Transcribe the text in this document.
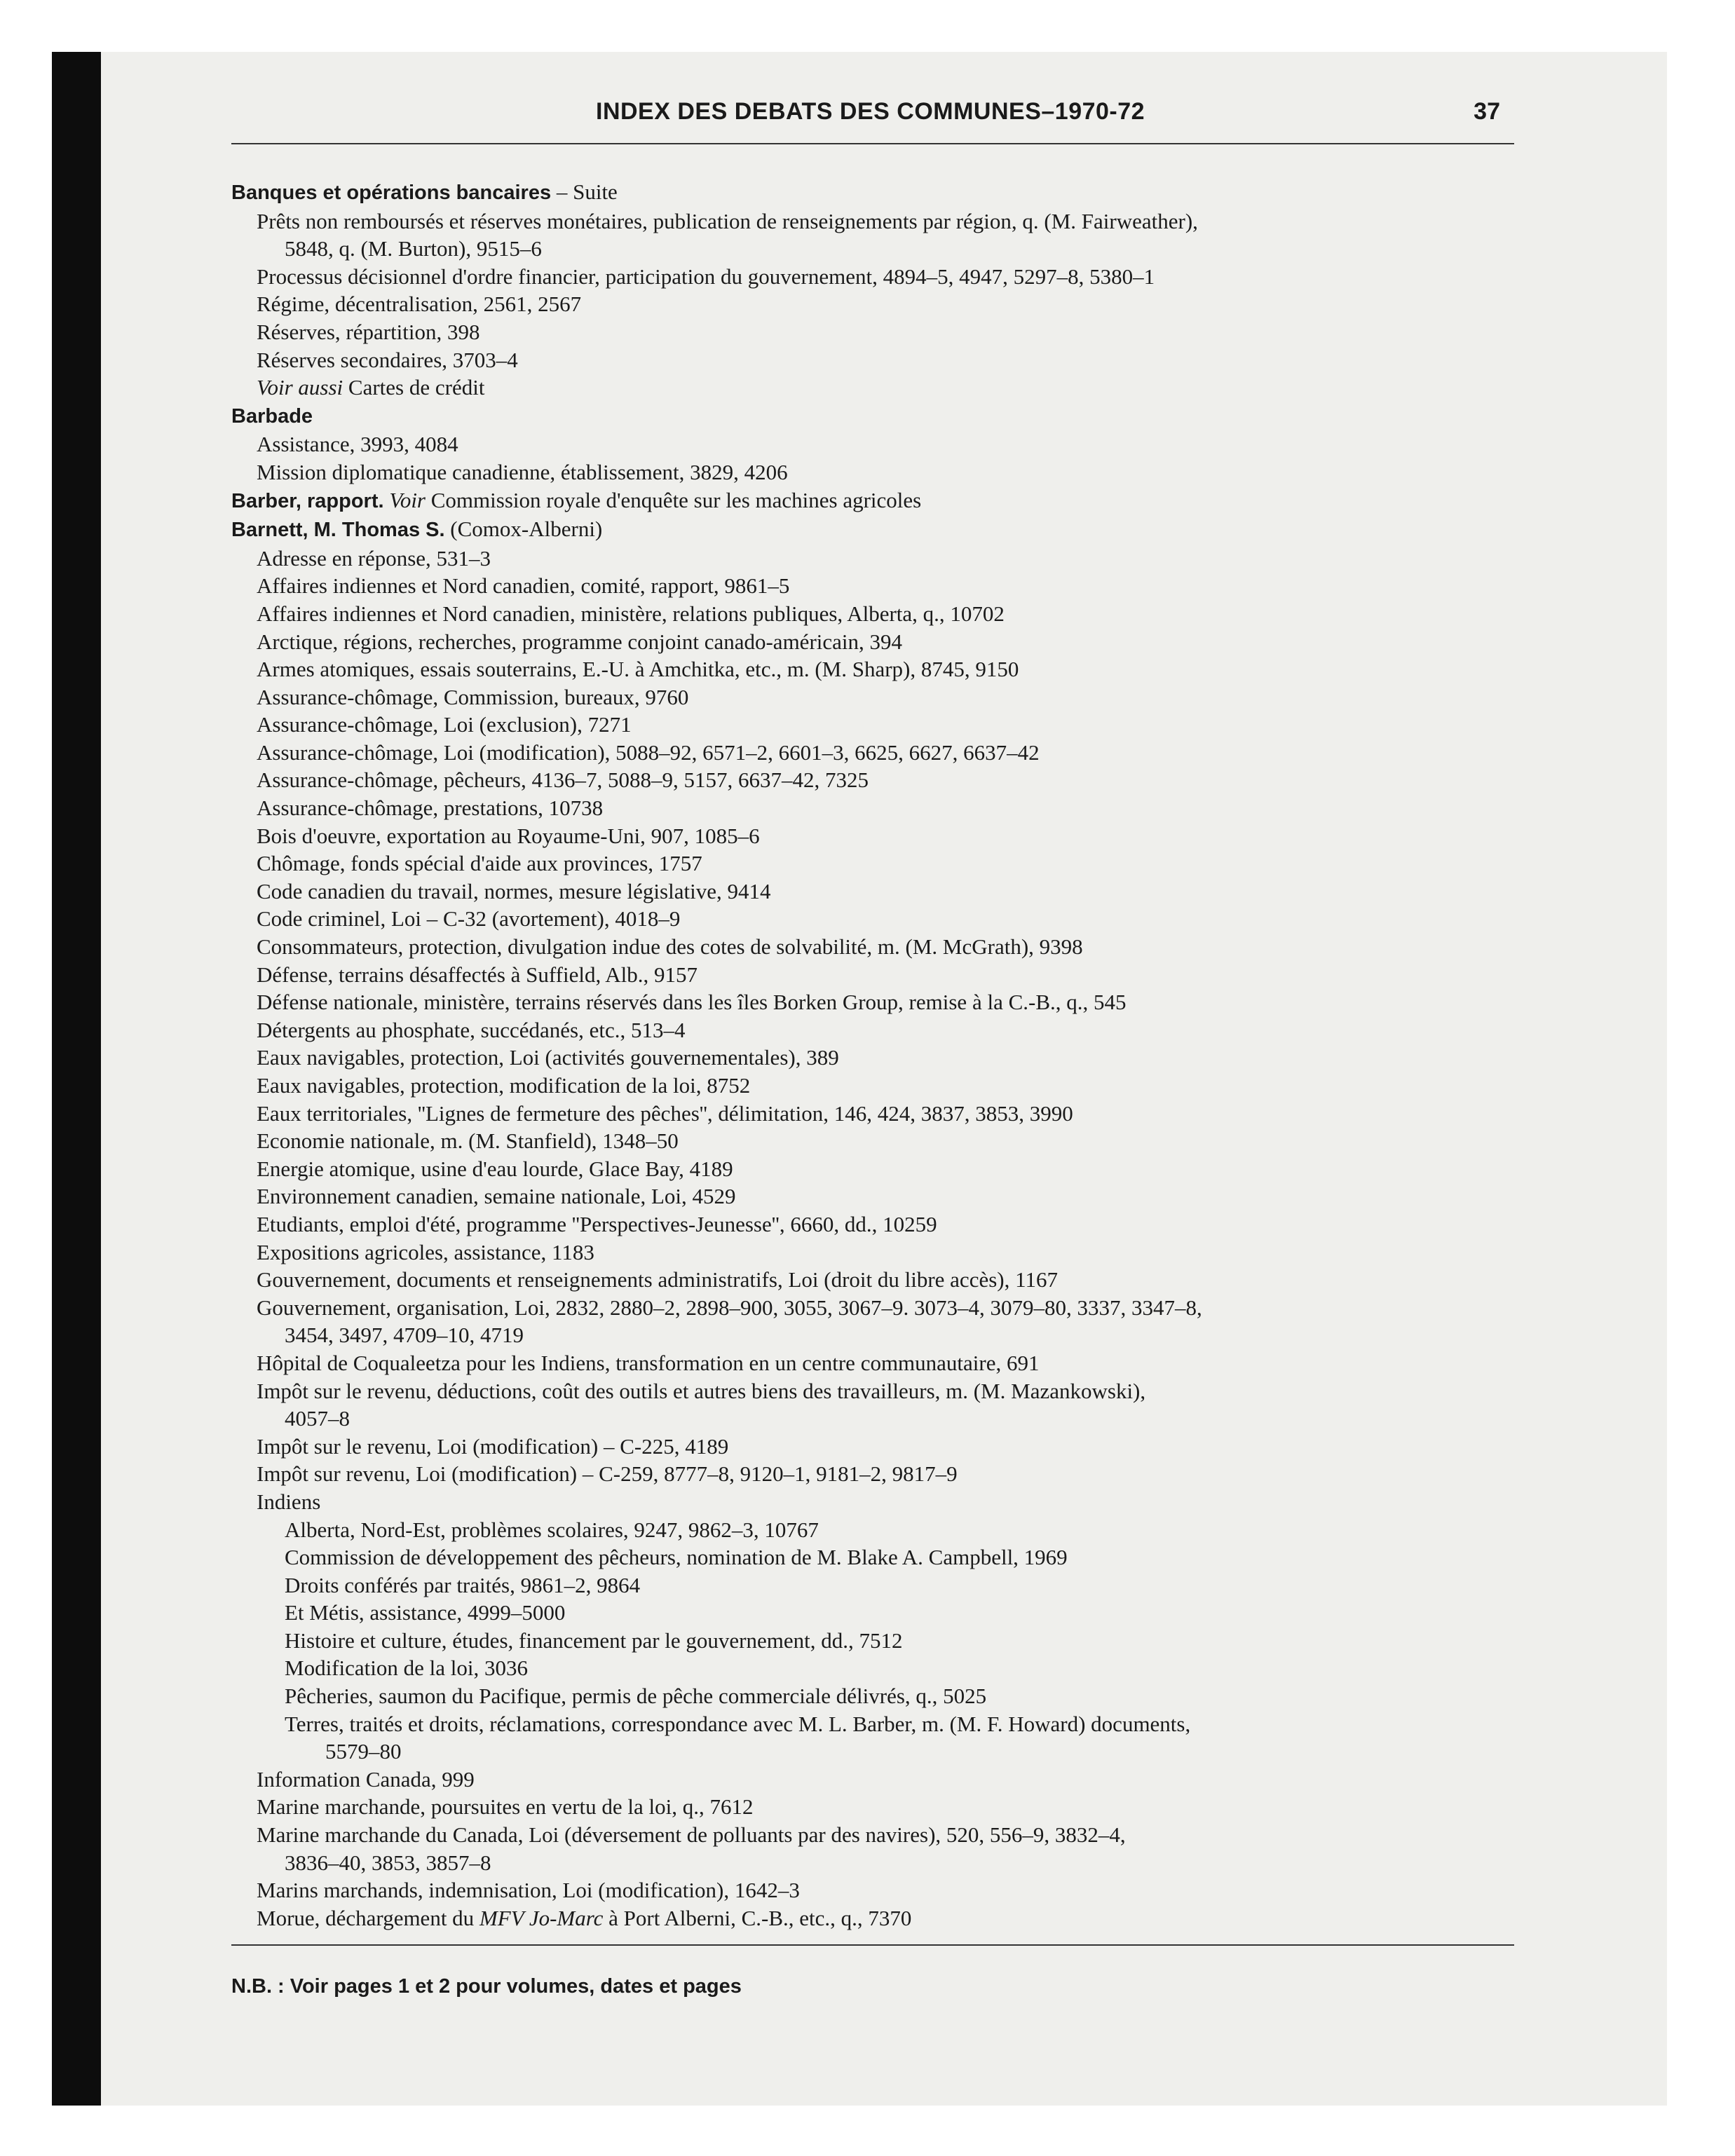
INDEX DES DEBATS DES COMMUNES–1970-72	37
Banques et opérations bancaires – Suite
Prêts non remboursés et réserves monétaires, publication de renseignements par région, q. (M. Fairweather),
5848, q. (M. Burton), 9515–6
Processus décisionnel d'ordre financier, participation du gouvernement, 4894–5, 4947, 5297–8, 5380–1
Régime, décentralisation, 2561, 2567
Réserves, répartition, 398
Réserves secondaires, 3703–4
Voir aussi Cartes de crédit
Barbade
Assistance, 3993, 4084
Mission diplomatique canadienne, établissement, 3829, 4206
Barber, rapport. Voir Commission royale d'enquête sur les machines agricoles
Barnett, M. Thomas S. (Comox-Alberni)
Adresse en réponse, 531–3
Affaires indiennes et Nord canadien, comité, rapport, 9861–5
Affaires indiennes et Nord canadien, ministère, relations publiques, Alberta, q., 10702
Arctique, régions, recherches, programme conjoint canado-américain, 394
Armes atomiques, essais souterrains, E.-U. à Amchitka, etc., m. (M. Sharp), 8745, 9150
Assurance-chômage, Commission, bureaux, 9760
Assurance-chômage, Loi (exclusion), 7271
Assurance-chômage, Loi (modification), 5088–92, 6571–2, 6601–3, 6625, 6627, 6637–42
Assurance-chômage, pêcheurs, 4136–7, 5088–9, 5157, 6637–42, 7325
Assurance-chômage, prestations, 10738
Bois d'oeuvre, exportation au Royaume-Uni, 907, 1085–6
Chômage, fonds spécial d'aide aux provinces, 1757
Code canadien du travail, normes, mesure législative, 9414
Code criminel, Loi – C-32 (avortement), 4018–9
Consommateurs, protection, divulgation indue des cotes de solvabilité, m. (M. McGrath), 9398
Défense, terrains désaffectés à Suffield, Alb., 9157
Défense nationale, ministère, terrains réservés dans les îles Borken Group, remise à la C.-B., q., 545
Détergents au phosphate, succédanés, etc., 513–4
Eaux navigables, protection, Loi (activités gouvernementales), 389
Eaux navigables, protection, modification de la loi, 8752
Eaux territoriales, ''Lignes de fermeture des pêches'', délimitation, 146, 424, 3837, 3853, 3990
Economie nationale, m. (M. Stanfield), 1348–50
Energie atomique, usine d'eau lourde, Glace Bay, 4189
Environnement canadien, semaine nationale, Loi, 4529
Etudiants, emploi d'été, programme ''Perspectives-Jeunesse'', 6660, dd., 10259
Expositions agricoles, assistance, 1183
Gouvernement, documents et renseignements administratifs, Loi (droit du libre accès), 1167
Gouvernement, organisation, Loi, 2832, 2880–2, 2898–900, 3055, 3067–9. 3073–4, 3079–80, 3337, 3347–8,
3454, 3497, 4709–10, 4719
Hôpital de Coqualeetza pour les Indiens, transformation en un centre communautaire, 691
Impôt sur le revenu, déductions, coût des outils et autres biens des travailleurs, m. (M. Mazankowski),
4057–8
Impôt sur le revenu, Loi (modification) – C-225, 4189
Impôt sur revenu, Loi (modification) – C-259, 8777–8, 9120–1, 9181–2, 9817–9
Indiens
Alberta, Nord-Est, problèmes scolaires, 9247, 9862–3, 10767
Commission de développement des pêcheurs, nomination de M. Blake A. Campbell, 1969
Droits conférés par traités, 9861–2, 9864
Et Métis, assistance, 4999–5000
Histoire et culture, études, financement par le gouvernement, dd., 7512
Modification de la loi, 3036
Pêcheries, saumon du Pacifique, permis de pêche commerciale délivrés, q., 5025
Terres, traités et droits, réclamations, correspondance avec M. L. Barber, m. (M. F. Howard) documents,
5579–80
Information Canada, 999
Marine marchande, poursuites en vertu de la loi, q., 7612
Marine marchande du Canada, Loi (déversement de polluants par des navires), 520, 556–9, 3832–4,
3836–40, 3853, 3857–8
Marins marchands, indemnisation, Loi (modification), 1642–3
Morue, déchargement du MFV Jo-Marc à Port Alberni, C.-B., etc., q., 7370
N.B. : Voir pages 1 et 2 pour volumes, dates et pages
